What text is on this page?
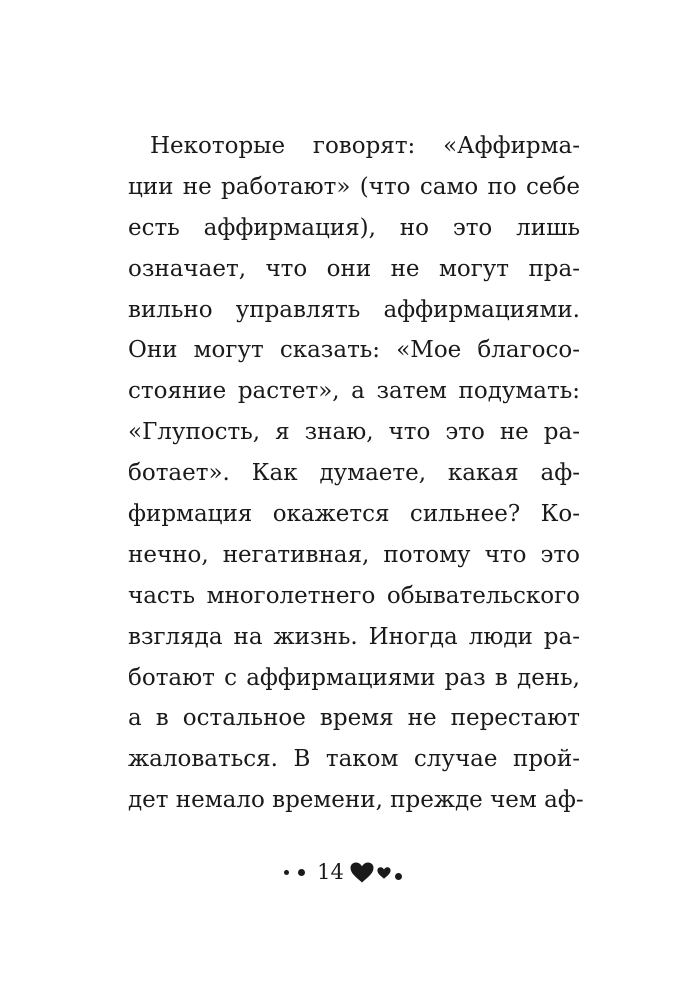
Некоторые говорят: «Аффирма-
ции не работают» (что само по себе
есть аффирмация), но это лишь
означает, что они не могут пра-
вильно управлять аффирмациями.
Они могут сказать: «Мое благосо-
стояние растет», а затем подумать:
«Глупость, я знаю, что это не ра-
ботает». Как думаете, какая аф-
фирмация окажется сильнее? Ко-
нечно, негативная, потому что это
часть многолетнего обывательского
взгляда на жизнь. Иногда люди ра-
ботают с аффирмациями раз в день,
а в остальное время не перестают
жаловаться. В таком случае прой-
дет немало времени, прежде чем аф-
14
